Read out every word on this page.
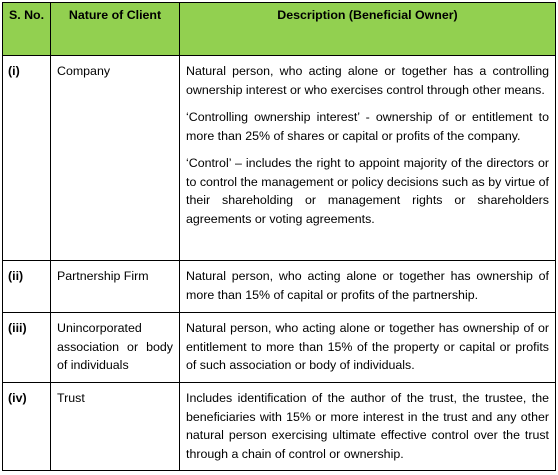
S. No.	Nature of Client	Description (Beneficial Owner)
(i)	Company	Natural person, who acting alone or together has a controlling ownership interest or who exercises control through other means.

‘Controlling ownership interest’ - ownership of or entitlement to more than 25% of shares or capital or profits of the company.

‘Control’ – includes the right to appoint majority of the directors or to control the management or policy decisions such as by virtue of their shareholding or management rights or shareholders agreements or voting agreements.

(ii)	Partnership Firm	Natural person, who acting alone or together has ownership of more than 15% of capital or profits of the partnership.

(iii)	Unincorporated association or body of individuals	Natural person, who acting alone or together has ownership of or entitlement to more than 15% of the property or capital or profits of such association or body of individuals.

(iv)	Trust	Includes identification of the author of the trust, the trustee, the beneficiaries with 15% or more interest in the trust and any other natural person exercising ultimate effective control over the trust through a chain of control or ownership.
